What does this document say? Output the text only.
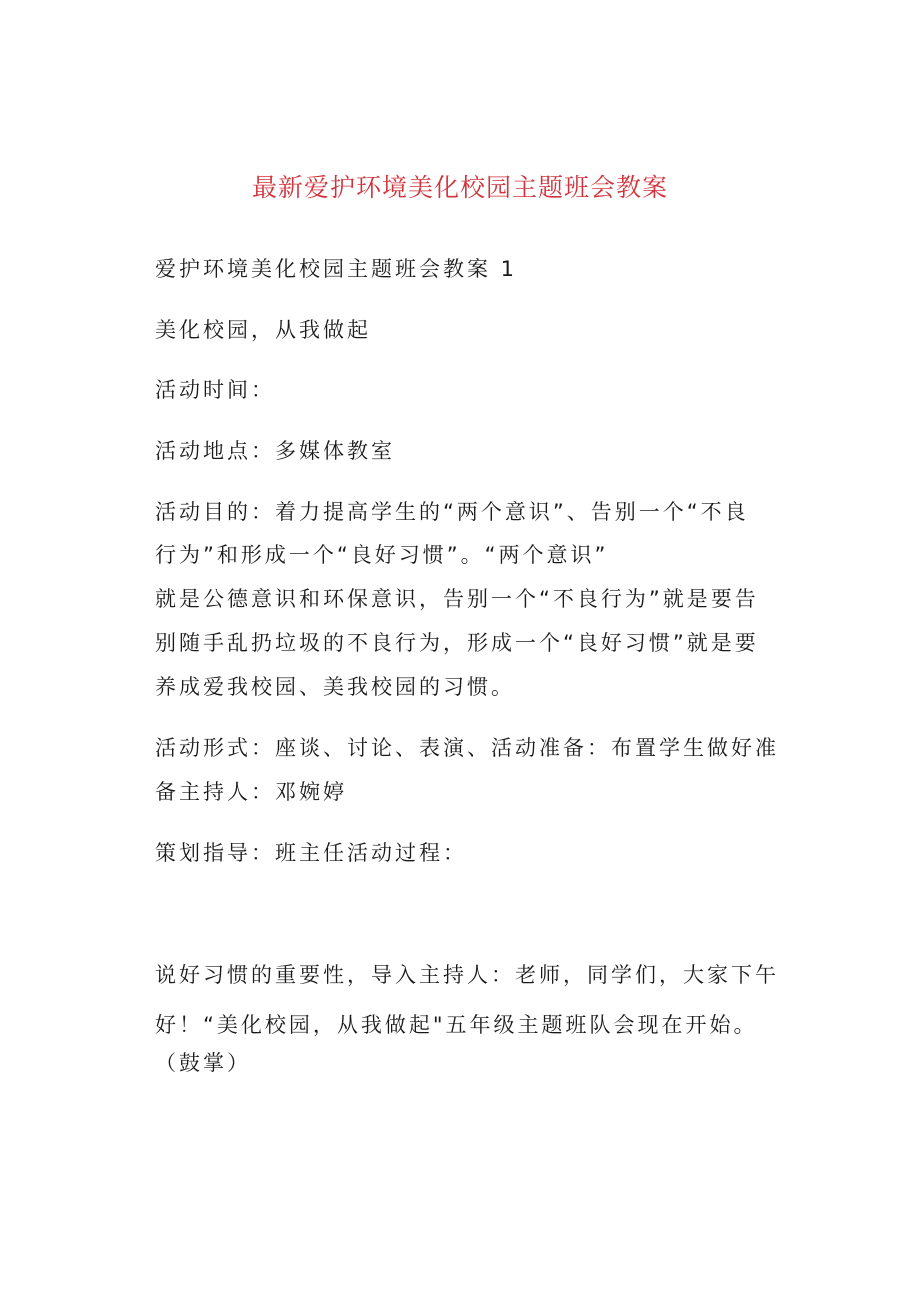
最新爱护环境美化校园主题班会教案
爱护环境美化校园主题班会教案 1
美化校园，从我做起
活动时间：
活动地点：多媒体教室
活动目的：着力提高学生的“两个意识”、告别一个“不良
行为”和形成一个“良好习惯”。“两个意识”
就是公德意识和环保意识，告别一个“不良行为”就是要告
别随手乱扔垃圾的不良行为，形成一个“良好习惯”就是要
养成爱我校园、美我校园的习惯。
活动形式：座谈、讨论、表演、活动准备：布置学生做好准
备主持人：邓婉婷
策划指导：班主任活动过程：
说好习惯的重要性，导入主持人：老师，同学们，大家下午
好！“美化校园，从我做起"五年级主题班队会现在开始。
（鼓掌）
